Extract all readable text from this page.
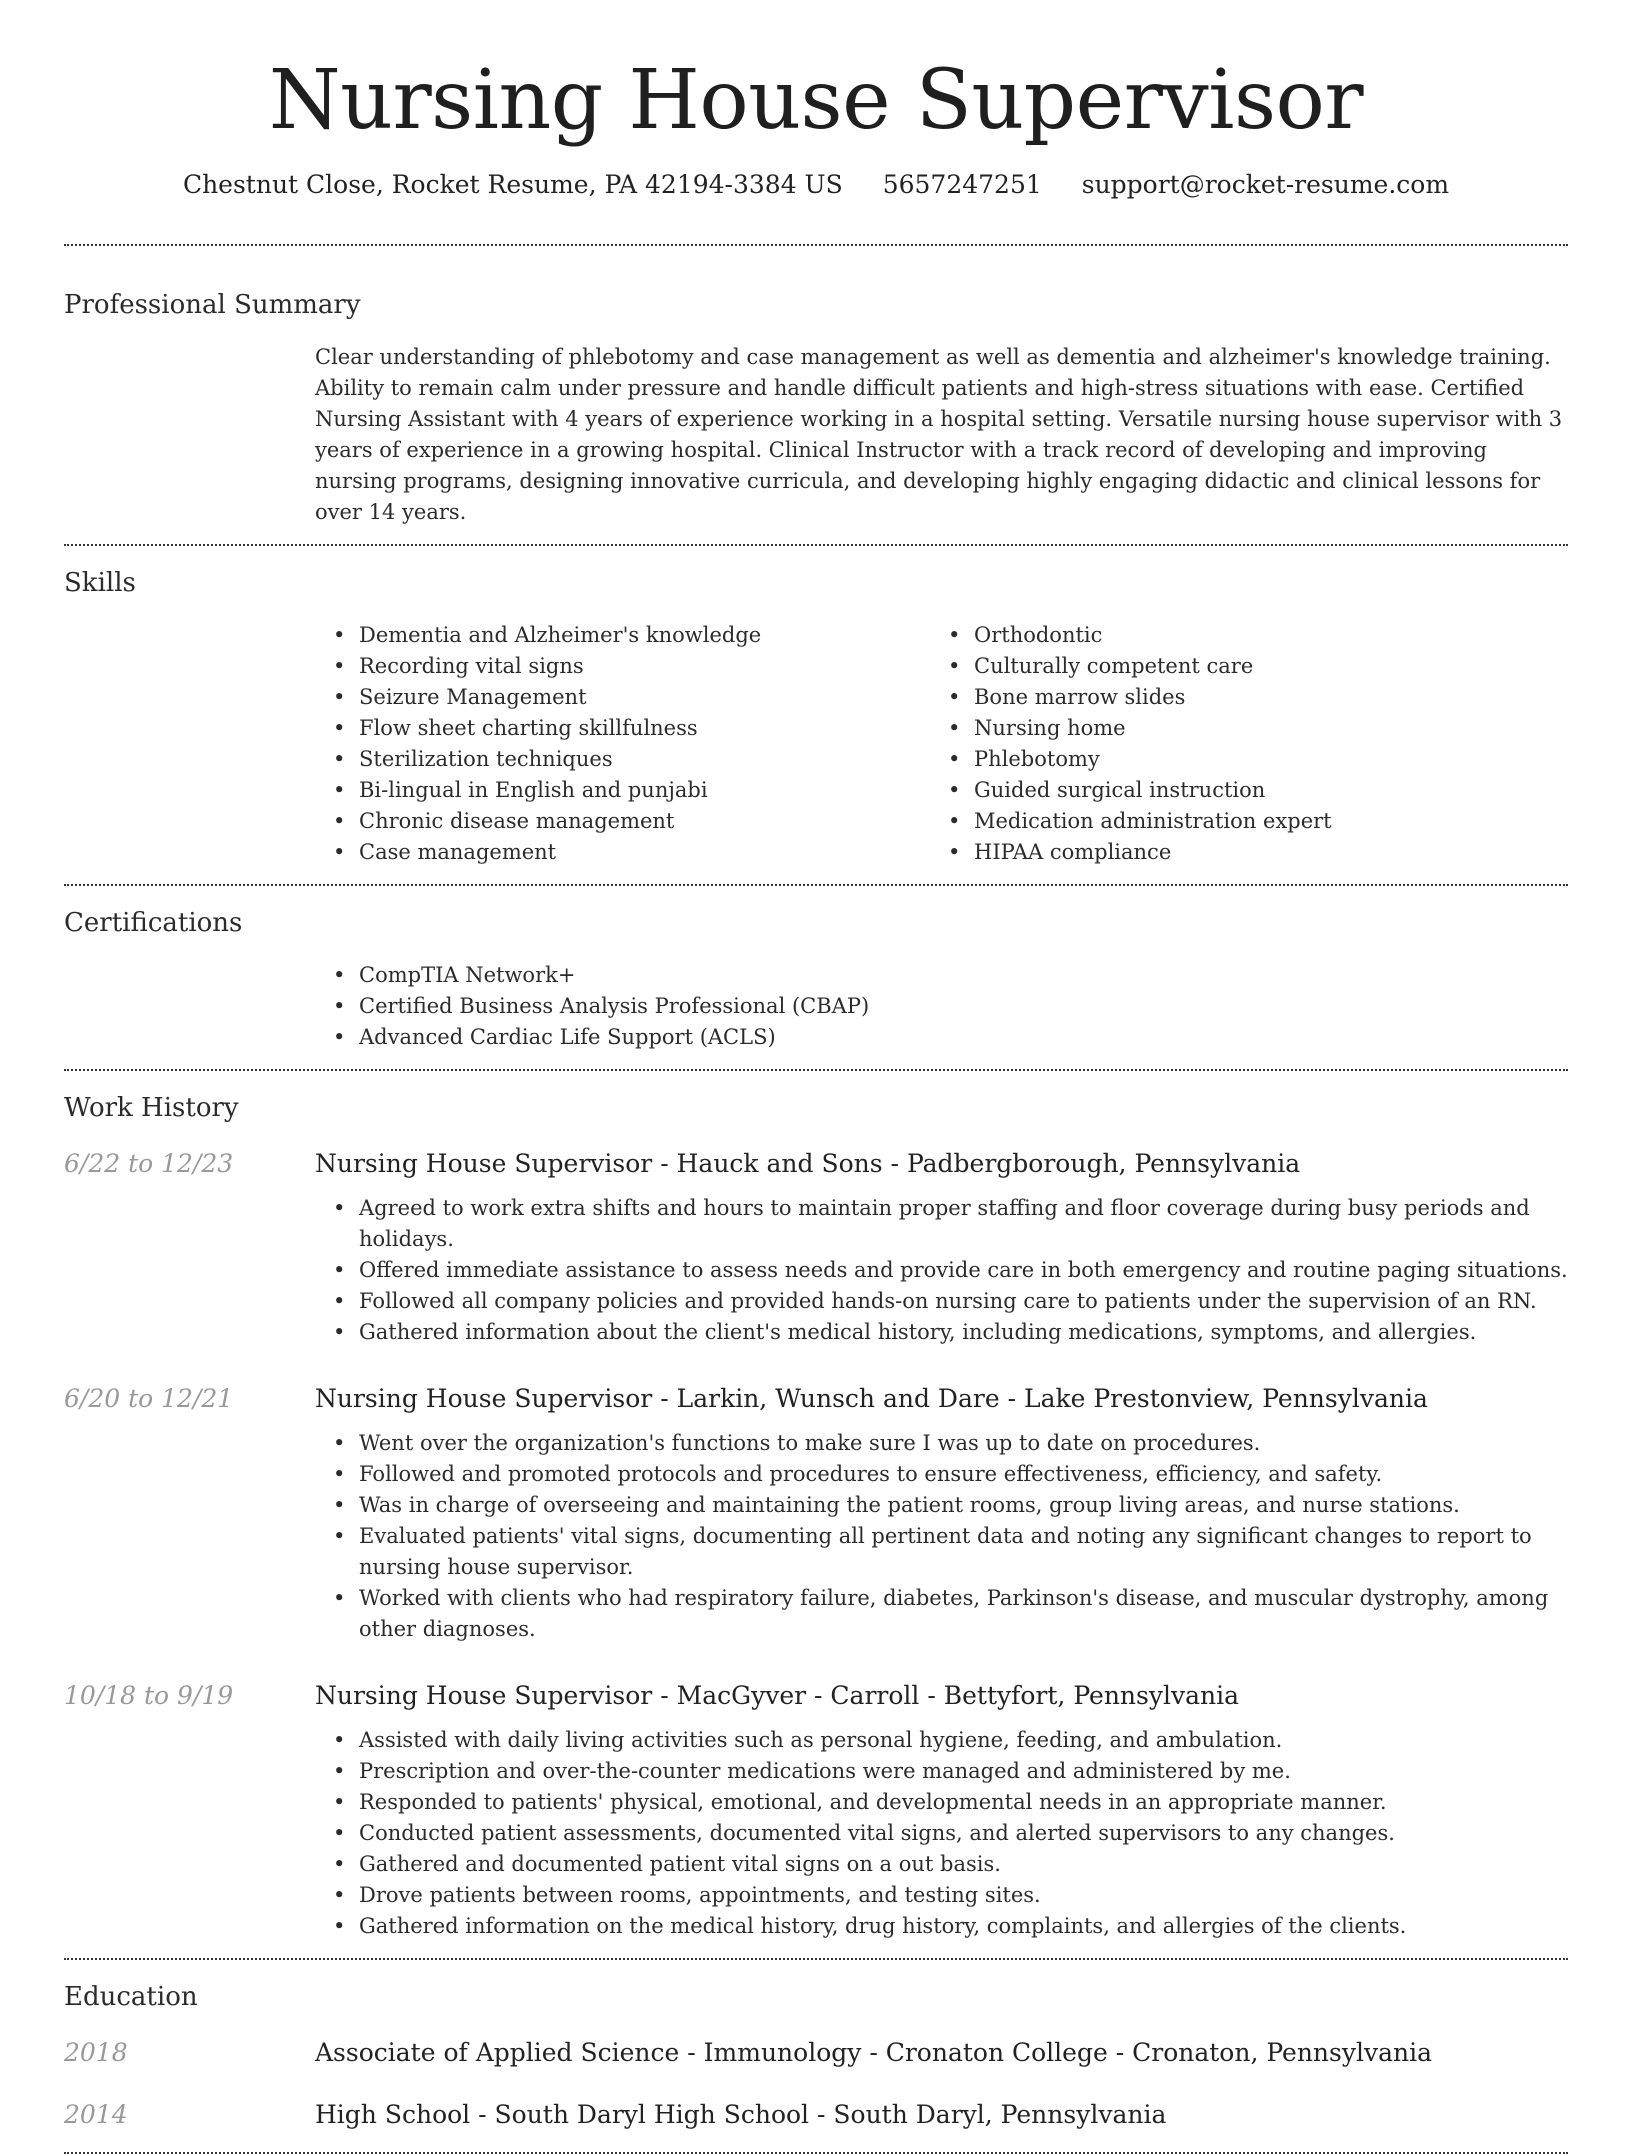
Nursing House Supervisor
Chestnut Close, Rocket Resume, PA 42194-3384 US 5657247251 support@rocket-resume.com
Professional Summary
Clear understanding of phlebotomy and case management as well as dementia and alzheimer's knowledge training. Ability to remain calm under pressure and handle difficult patients and high-stress situations with ease. Certified Nursing Assistant with 4 years of experience working in a hospital setting. Versatile nursing house supervisor with 3 years of experience in a growing hospital. Clinical Instructor with a track record of developing and improving nursing programs, designing innovative curricula, and developing highly engaging didactic and clinical lessons for over 14 years.
Skills
• Dementia and Alzheimer's knowledge
• Recording vital signs
• Seizure Management
• Flow sheet charting skillfulness
• Sterilization techniques
• Bi-lingual in English and punjabi
• Chronic disease management
• Case management
• Orthodontic
• Culturally competent care
• Bone marrow slides
• Nursing home
• Phlebotomy
• Guided surgical instruction
• Medication administration expert
• HIPAA compliance
Certifications
• CompTIA Network+
• Certified Business Analysis Professional (CBAP)
• Advanced Cardiac Life Support (ACLS)
Work History
6/22 to 12/23	Nursing House Supervisor - Hauck and Sons - Padbergborough, Pennsylvania
• Agreed to work extra shifts and hours to maintain proper staffing and floor coverage during busy periods and holidays.
• Offered immediate assistance to assess needs and provide care in both emergency and routine paging situations.
• Followed all company policies and provided hands-on nursing care to patients under the supervision of an RN.
• Gathered information about the client's medical history, including medications, symptoms, and allergies.
6/20 to 12/21	Nursing House Supervisor - Larkin, Wunsch and Dare - Lake Prestonview, Pennsylvania
• Went over the organization's functions to make sure I was up to date on procedures.
• Followed and promoted protocols and procedures to ensure effectiveness, efficiency, and safety.
• Was in charge of overseeing and maintaining the patient rooms, group living areas, and nurse stations.
• Evaluated patients' vital signs, documenting all pertinent data and noting any significant changes to report to nursing house supervisor.
• Worked with clients who had respiratory failure, diabetes, Parkinson's disease, and muscular dystrophy, among other diagnoses.
10/18 to 9/19	Nursing House Supervisor - MacGyver - Carroll - Bettyfort, Pennsylvania
• Assisted with daily living activities such as personal hygiene, feeding, and ambulation.
• Prescription and over-the-counter medications were managed and administered by me.
• Responded to patients' physical, emotional, and developmental needs in an appropriate manner.
• Conducted patient assessments, documented vital signs, and alerted supervisors to any changes.
• Gathered and documented patient vital signs on a out basis.
• Drove patients between rooms, appointments, and testing sites.
• Gathered information on the medical history, drug history, complaints, and allergies of the clients.
Education
2018	Associate of Applied Science - Immunology - Cronaton College - Cronaton, Pennsylvania
2014	High School - South Daryl High School - South Daryl, Pennsylvania
